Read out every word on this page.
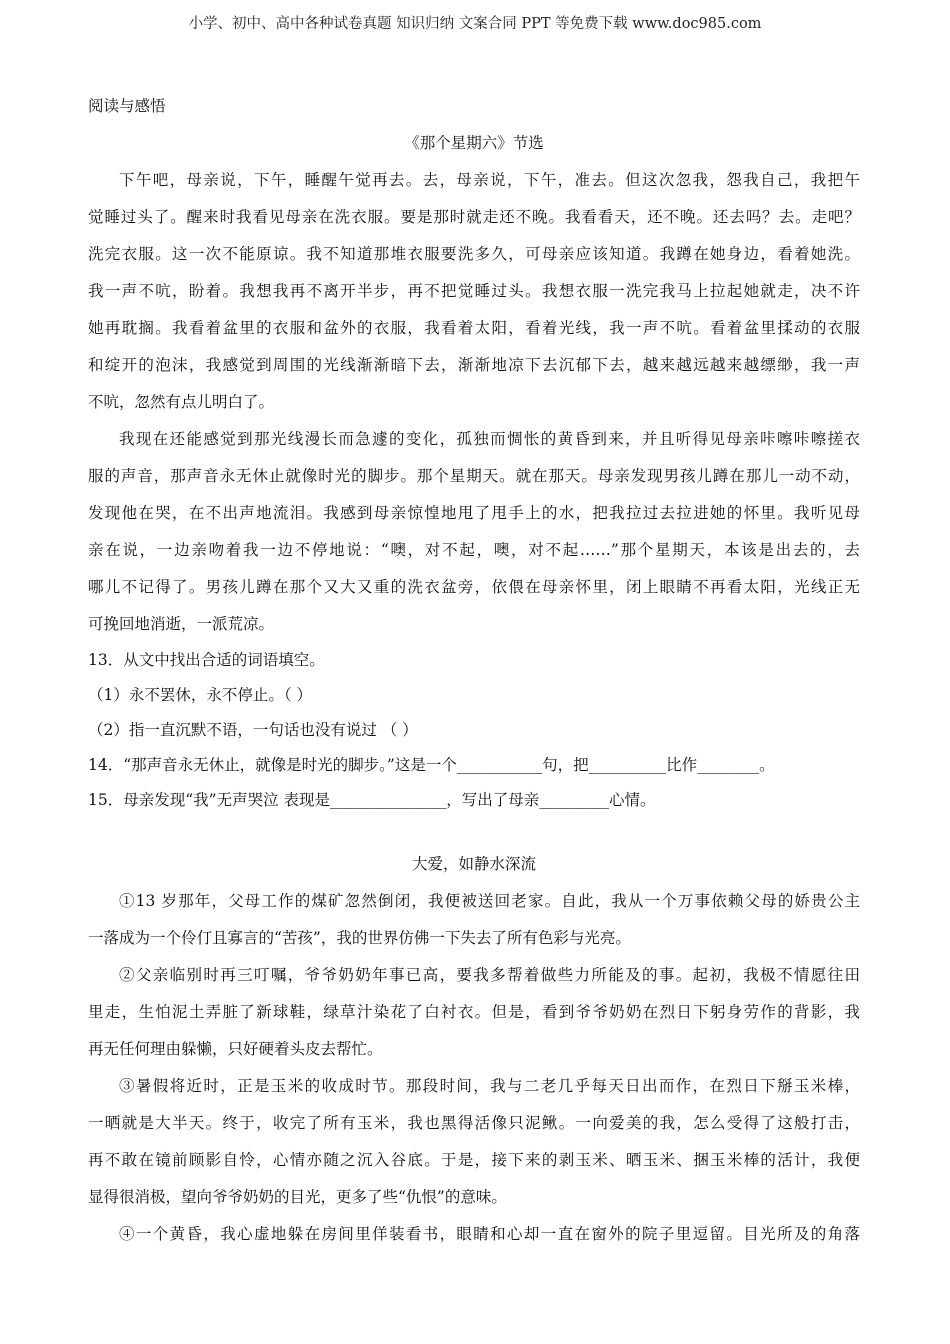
小学、初中、高中各种试卷真题 知识归纳 文案合同 PPT 等免费下载 www.doc985.com
阅读与感悟
《那个星期六》节选
下午吧，母亲说，下午，睡醒午觉再去。去，母亲说，下午，准去。但这次忽我，怨我自己，我把午
觉睡过头了。醒来时我看见母亲在洗衣服。要是那时就走还不晚。我看看天，还不晚。还去吗？去。走吧？
洗完衣服。这一次不能原谅。我不知道那堆衣服要洗多久，可母亲应该知道。我蹲在她身边，看着她洗。
我一声不吭，盼着。我想我再不离开半步，再不把觉睡过头。我想衣服一洗完我马上拉起她就走，决不许
她再耽搁。我看着盆里的衣服和盆外的衣服，我看着太阳，看着光线，我一声不吭。看着盆里揉动的衣服
和绽开的泡沫，我感觉到周围的光线渐渐暗下去，渐渐地凉下去沉郁下去，越来越远越来越缥缈，我一声
不吭，忽然有点儿明白了。
我现在还能感觉到那光线漫长而急遽的变化，孤独而惆怅的黄昏到来，并且听得见母亲咔嚓咔嚓搓衣
服的声音，那声音永无休止就像时光的脚步。那个星期天。就在那天。母亲发现男孩儿蹲在那儿一动不动，
发现他在哭，在不出声地流泪。我感到母亲惊惶地甩了甩手上的水，把我拉过去拉进她的怀里。我听见母
亲在说，一边亲吻着我一边不停地说：“噢，对不起，噢，对不起……”那个星期天，本该是出去的，去
哪儿不记得了。男孩儿蹲在那个又大又重的洗衣盆旁，依偎在母亲怀里，闭上眼睛不再看太阳，光线正无
可挽回地消逝，一派荒凉。
13．从文中找出合适的词语填空。
（1）永不罢休，永不停止。（ ）
（2）指一直沉默不语，一句话也没有说过 （ ）
14．“那声音永无休止，就像是时光的脚步。”这是一个___________句，把__________比作________。
15．母亲发现“我”无声哭泣 表现是_______________，写出了母亲_________心情。
大爱，如静水深流
①13 岁那年，父母工作的煤矿忽然倒闭，我便被送回老家。自此，我从一个万事依赖父母的娇贵公主
一落成为一个伶仃且寡言的“苦孩”，我的世界仿佛一下失去了所有色彩与光亮。
②父亲临别时再三叮嘱，爷爷奶奶年事已高，要我多帮着做些力所能及的事。起初，我极不情愿往田
里走，生怕泥土弄脏了新球鞋，绿草汁染花了白衬衣。但是，看到爷爷奶奶在烈日下躬身劳作的背影，我
再无任何理由躲懒，只好硬着头皮去帮忙。
③暑假将近时，正是玉米的收成时节。那段时间，我与二老几乎每天日出而作，在烈日下掰玉米棒，
一晒就是大半天。终于，收完了所有玉米，我也黑得活像只泥鳅。一向爱美的我，怎么受得了这般打击，
再不敢在镜前顾影自怜，心情亦随之沉入谷底。于是，接下来的剥玉米、晒玉米、捆玉米棒的活计，我便
显得很消极，望向爷爷奶奶的目光，更多了些“仇恨”的意味。
④一个黄昏，我心虚地躲在房间里佯装看书，眼睛和心却一直在窗外的院子里逗留。目光所及的角落
